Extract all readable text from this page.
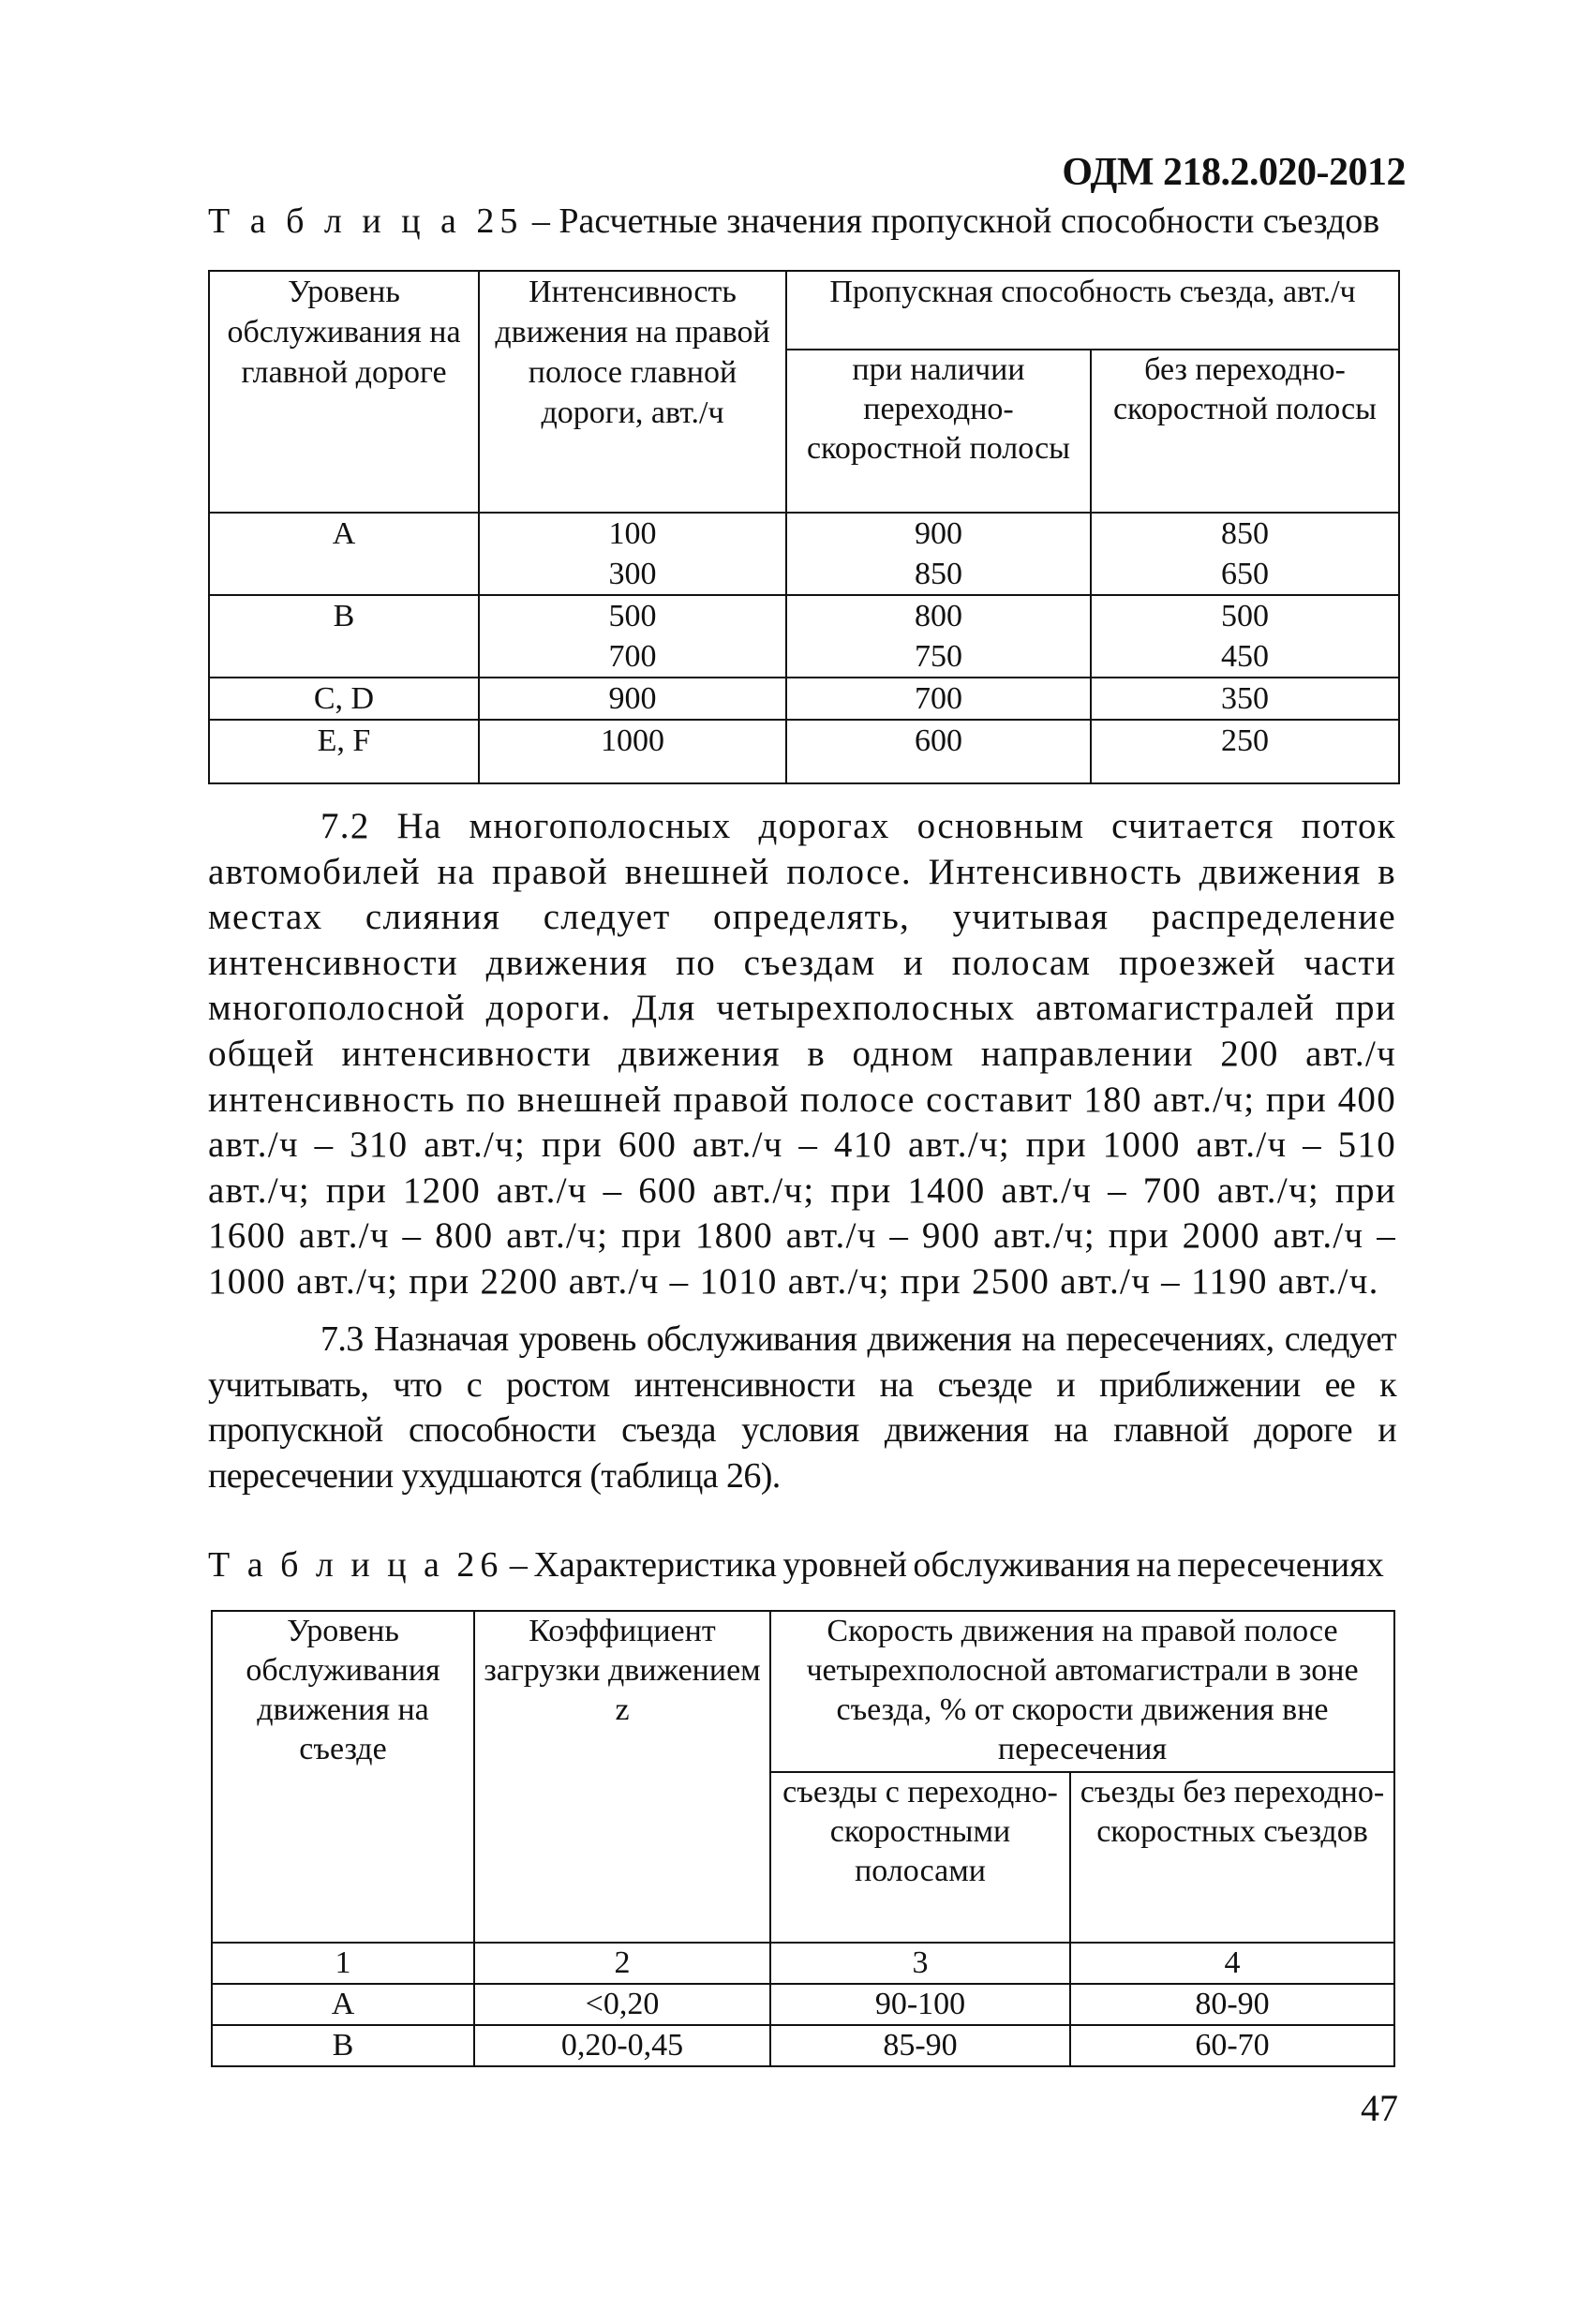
ОДМ 218.2.020-2012
Т а б л и ц а 25 – Расчетные значения пропускной способности съездов
Уровень обслуживания на главной дороге	Интенсивность движения на правой полосе главной дороги, авт./ч	Пропускная способность съезда, авт./ч	
		при наличии переходно-скоростной полосы	без переходно-скоростной полосы
A	100	900	850
	300	850	650
B	500	800	500
	700	750	450
C, D	900	700	350
E, F	1000	600	250

7.2 На многополосных дорогах основным считается поток автомобилей на правой внешней полосе. Интенсивность движения в местах слияния следует определять, учитывая распределение интенсивности движения по съездам и полосам проезжей части многополосной дороги. Для четырехполосных автомагистралей при общей интенсивности движения в одном направлении 200 авт./ч интенсивность по внешней правой полосе составит 180 авт./ч; при 400 авт./ч – 310 авт./ч; при 600 авт./ч – 410 авт./ч; при 1000 авт./ч – 510 авт./ч; при 1200 авт./ч – 600 авт./ч; при 1400 авт./ч – 700 авт./ч; при 1600 авт./ч – 800 авт./ч; при 1800 авт./ч – 900 авт./ч; при 2000 авт./ч – 1000 авт./ч; при 2200 авт./ч – 1010 авт./ч; при 2500 авт./ч – 1190 авт./ч.

7.3 Назначая уровень обслуживания движения на пересечениях, следует учитывать, что с ростом интенсивности на съезде и приближении ее к пропускной способности съезда условия движения на главной дороге и пересечении ухудшаются (таблица 26).

Т а б л и ц а 26 – Характеристика уровней обслуживания на пересечениях
Уровень обслуживания движения на съезде	Коэффициент загрузки движением z	Скорость движения на правой полосе четырехполосной автомагистрали в зоне съезда, % от скорости движения вне пересечения	
		съезды с переходно-скоростными полосами	съезды без переходно-скоростных съездов
1	2	3	4
A	<0,20	90-100	80-90
B	0,20-0,45	85-90	60-70
47
